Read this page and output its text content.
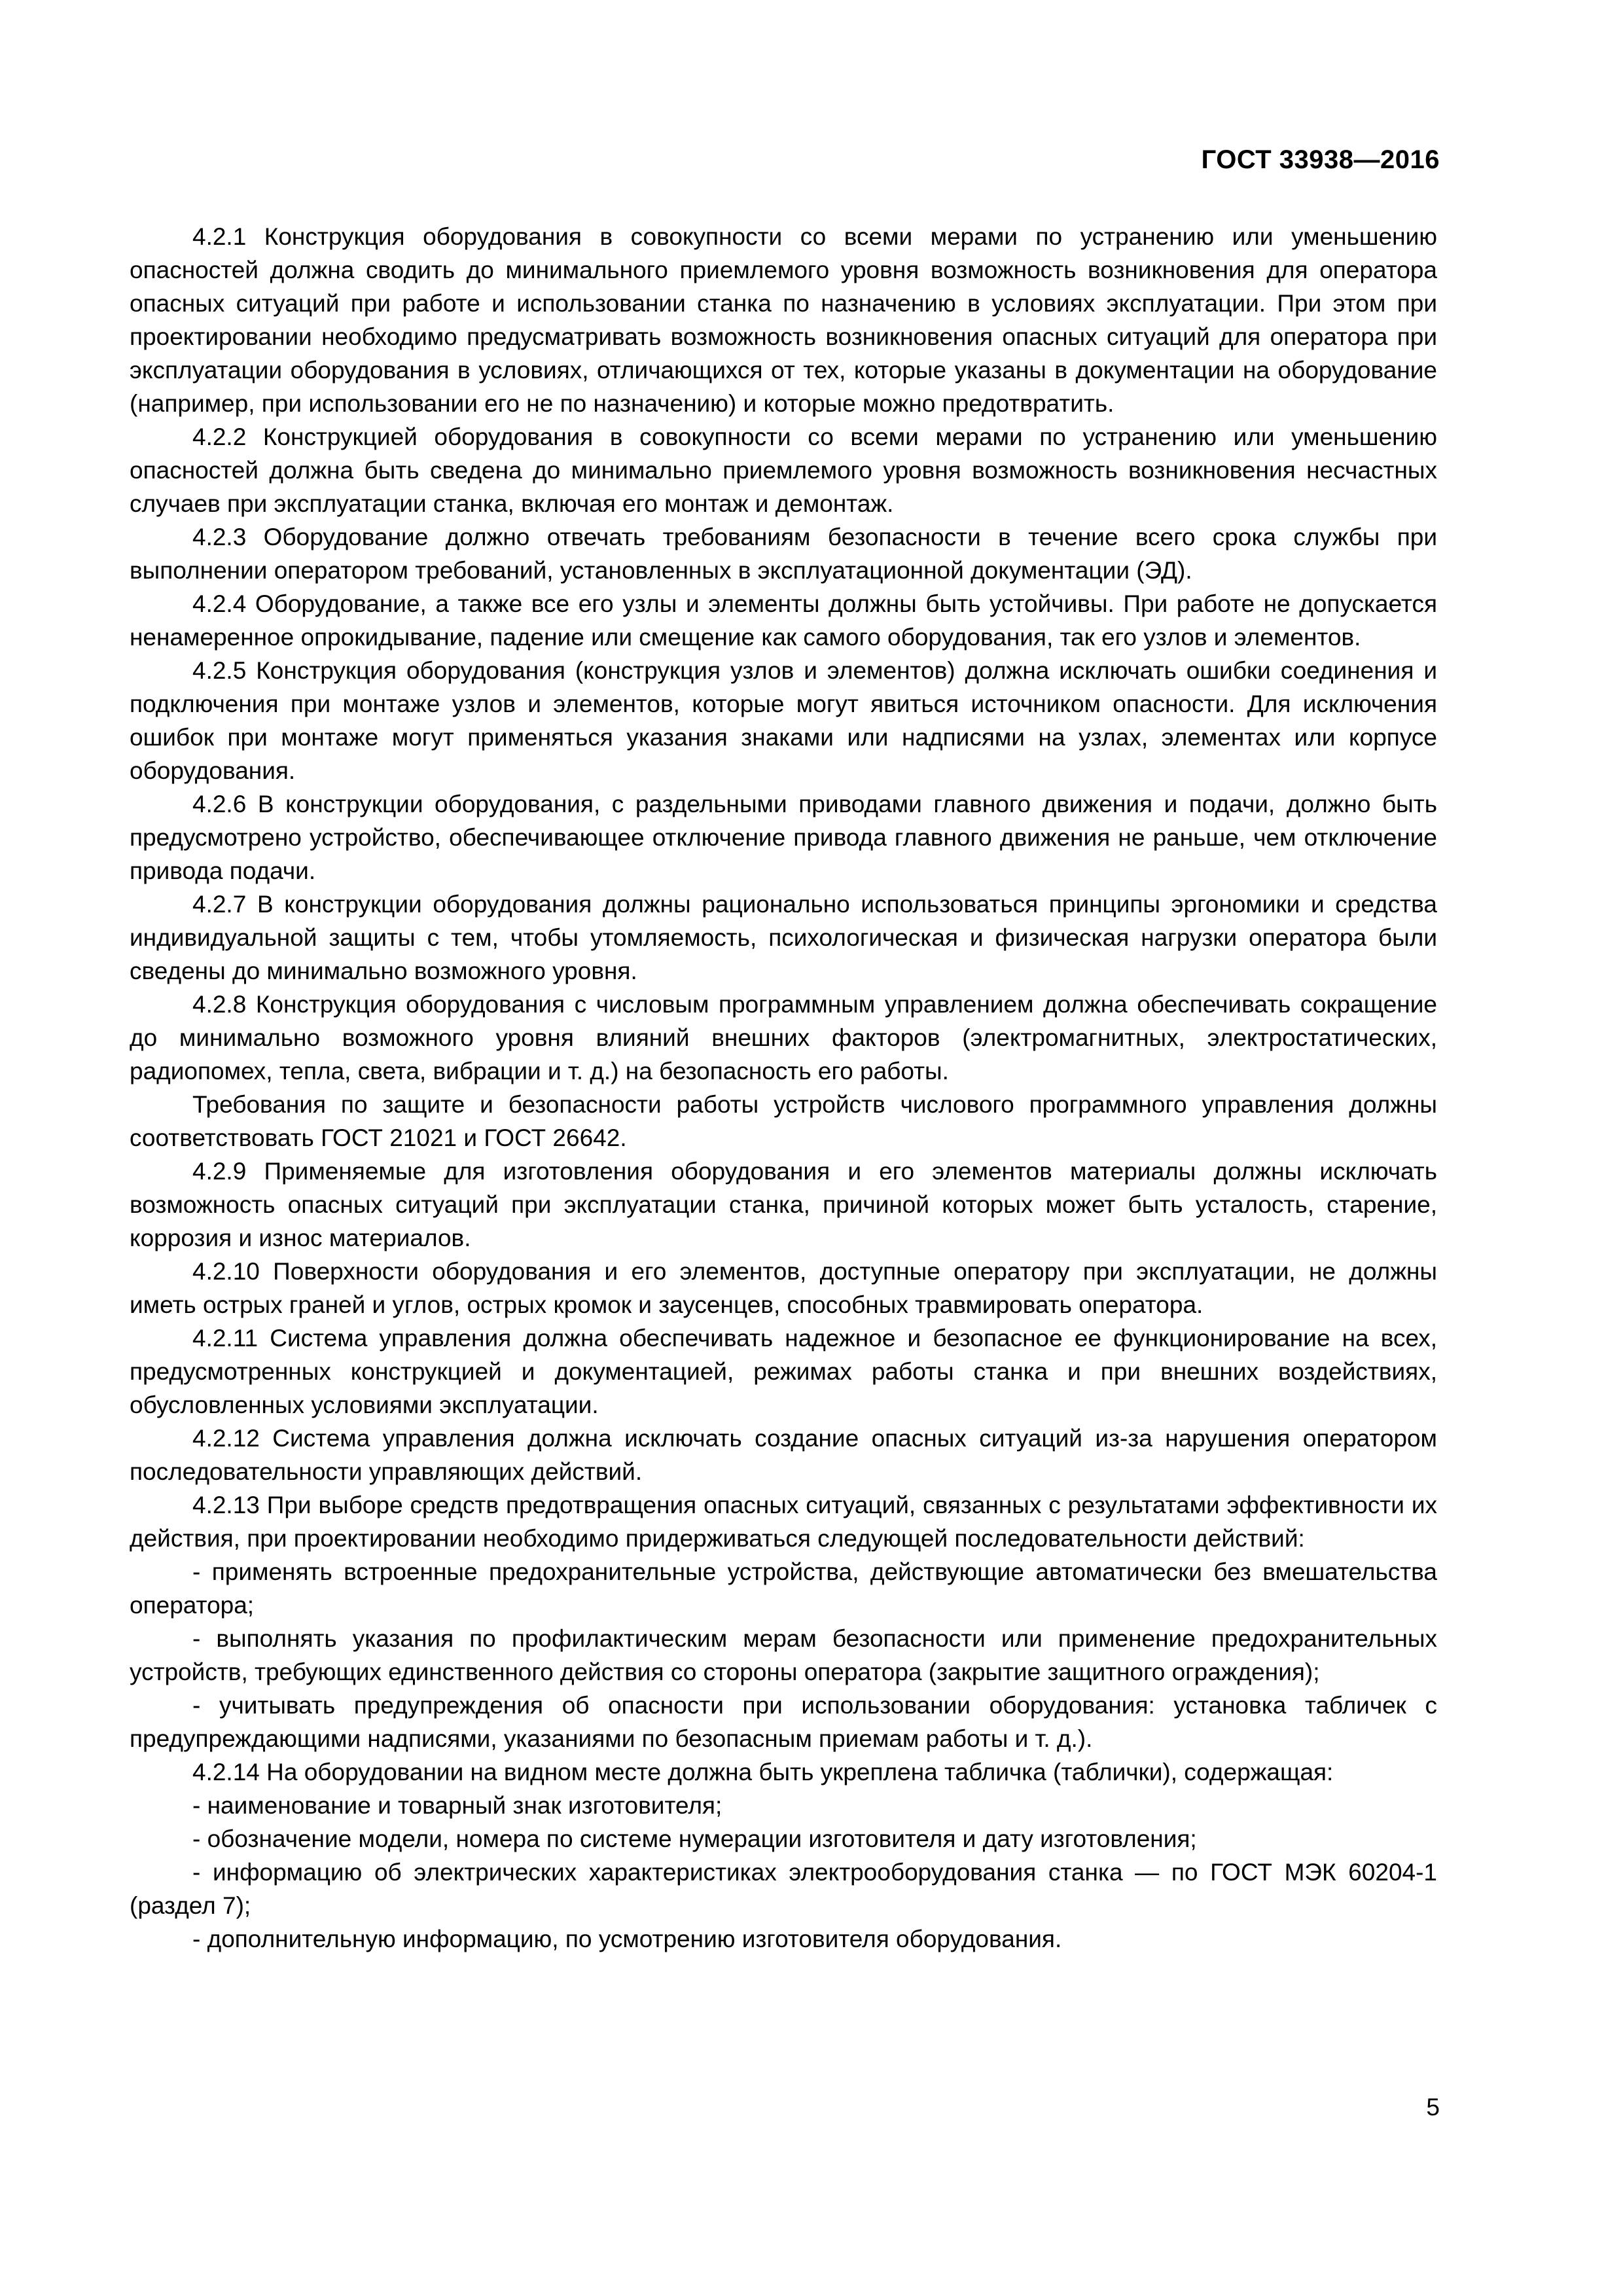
ГОСТ 33938—2016

4.2.1 Конструкция оборудования в совокупности со всеми мерами по устранению или уменьшению опасностей должна сводить до минимального приемлемого уровня возможность возникновения для оператора опасных ситуаций при работе и использовании станка по назначению в условиях эксплуатации. При этом при проектировании необходимо предусматривать возможность возникновения опасных ситуаций для оператора при эксплуатации оборудования в условиях, отличающихся от тех, которые указаны в документации на оборудование (например, при использовании его не по назначению) и которые можно предотвратить.

4.2.2 Конструкцией оборудования в совокупности со всеми мерами по устранению или уменьшению опасностей должна быть сведена до минимально приемлемого уровня возможность возникновения несчастных случаев при эксплуатации станка, включая его монтаж и демонтаж.

4.2.3 Оборудование должно отвечать требованиям безопасности в течение всего срока службы при выполнении оператором требований, установленных в эксплуатационной документации (ЭД).

4.2.4 Оборудование, а также все его узлы и элементы должны быть устойчивы. При работе не допускается ненамеренное опрокидывание, падение или смещение как самого оборудования, так его узлов и элементов.

4.2.5 Конструкция оборудования (конструкция узлов и элементов) должна исключать ошибки соединения и подключения при монтаже узлов и элементов, которые могут явиться источником опасности. Для исключения ошибок при монтаже могут применяться указания знаками или надписями на узлах, элементах или корпусе оборудования.

4.2.6 В конструкции оборудования, с раздельными приводами главного движения и подачи, должно быть предусмотрено устройство, обеспечивающее отключение привода главного движения не раньше, чем отключение привода подачи.

4.2.7 В конструкции оборудования должны рационально использоваться принципы эргономики и средства индивидуальной защиты с тем, чтобы утомляемость, психологическая и физическая нагрузки оператора были сведены до минимально возможного уровня.

4.2.8 Конструкция оборудования с числовым программным управлением должна обеспечивать сокращение до минимально возможного уровня влияний внешних факторов (электромагнитных, электростатических, радиопомех, тепла, света, вибрации и т. д.) на безопасность его работы.

Требования по защите и безопасности работы устройств числового программного управления должны соответствовать ГОСТ 21021 и ГОСТ 26642.

4.2.9 Применяемые для изготовления оборудования и его элементов материалы должны исключать возможность опасных ситуаций при эксплуатации станка, причиной которых может быть усталость, старение, коррозия и износ материалов.

4.2.10 Поверхности оборудования и его элементов, доступные оператору при эксплуатации, не должны иметь острых граней и углов, острых кромок и заусенцев, способных травмировать оператора.

4.2.11 Система управления должна обеспечивать надежное и безопасное ее функционирование на всех, предусмотренных конструкцией и документацией, режимах работы станка и при внешних воздействиях, обусловленных условиями эксплуатации.

4.2.12 Система управления должна исключать создание опасных ситуаций из-за нарушения оператором последовательности управляющих действий.

4.2.13 При выборе средств предотвращения опасных ситуаций, связанных с результатами эффективности их действия, при проектировании необходимо придерживаться следующей последовательности действий:

- применять встроенные предохранительные устройства, действующие автоматически без вмешательства оператора;

- выполнять указания по профилактическим мерам безопасности или применение предохранительных устройств, требующих единственного действия со стороны оператора (закрытие защитного ограждения);

- учитывать предупреждения об опасности при использовании оборудования: установка табличек с предупреждающими надписями, указаниями по безопасным приемам работы и т. д.).

4.2.14 На оборудовании на видном месте должна быть укреплена табличка (таблички), содержащая:

- наименование и товарный знак изготовителя;

- обозначение модели, номера по системе нумерации изготовителя и дату изготовления;

- информацию об электрических характеристиках электрооборудования станка — по ГОСТ МЭК 60204-1 (раздел 7);

- дополнительную информацию, по усмотрению изготовителя оборудования.

5
